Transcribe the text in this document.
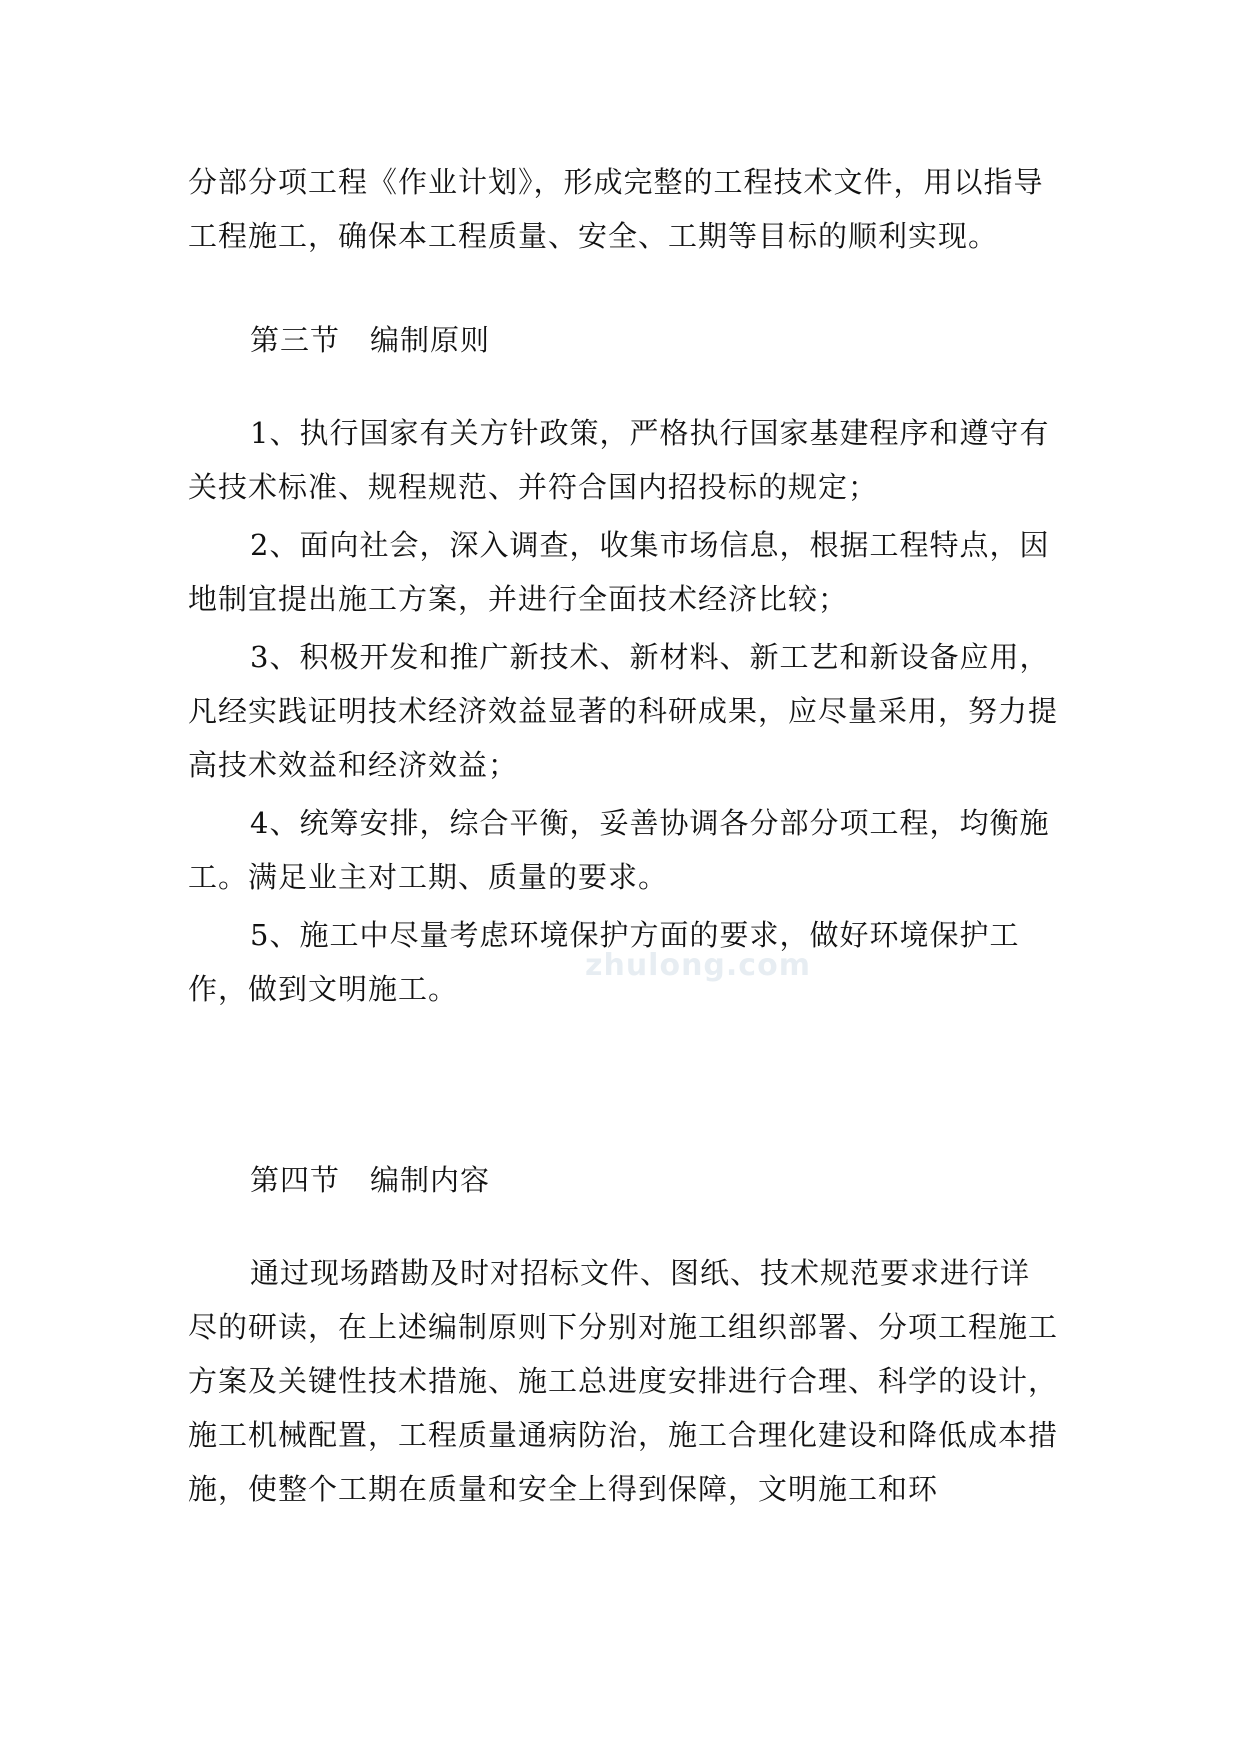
分部分项工程《作业计划》，形成完整的工程技术文件，用以指导工程施工，确保本工程质量、安全、工期等目标的顺利实现。

第三节　编制原则

1、执行国家有关方针政策，严格执行国家基建程序和遵守有关技术标准、规程规范、并符合国内招投标的规定；

2、面向社会，深入调查，收集市场信息，根据工程特点，因地制宜提出施工方案，并进行全面技术经济比较；

3、积极开发和推广新技术、新材料、新工艺和新设备应用，凡经实践证明技术经济效益显著的科研成果，应尽量采用，努力提高技术效益和经济效益；

4、统筹安排，综合平衡，妥善协调各分部分项工程，均衡施工。满足业主对工期、质量的要求。

5、施工中尽量考虑环境保护方面的要求，做好环境保护工作，做到文明施工。

第四节　编制内容

通过现场踏勘及时对招标文件、图纸、技术规范要求进行详尽的研读，在上述编制原则下分别对施工组织部署、分项工程施工方案及关键性技术措施、施工总进度安排进行合理、科学的设计，施工机械配置，工程质量通病防治，施工合理化建设和降低成本措施，使整个工期在质量和安全上得到保障，文明施工和环

zhulong.com
